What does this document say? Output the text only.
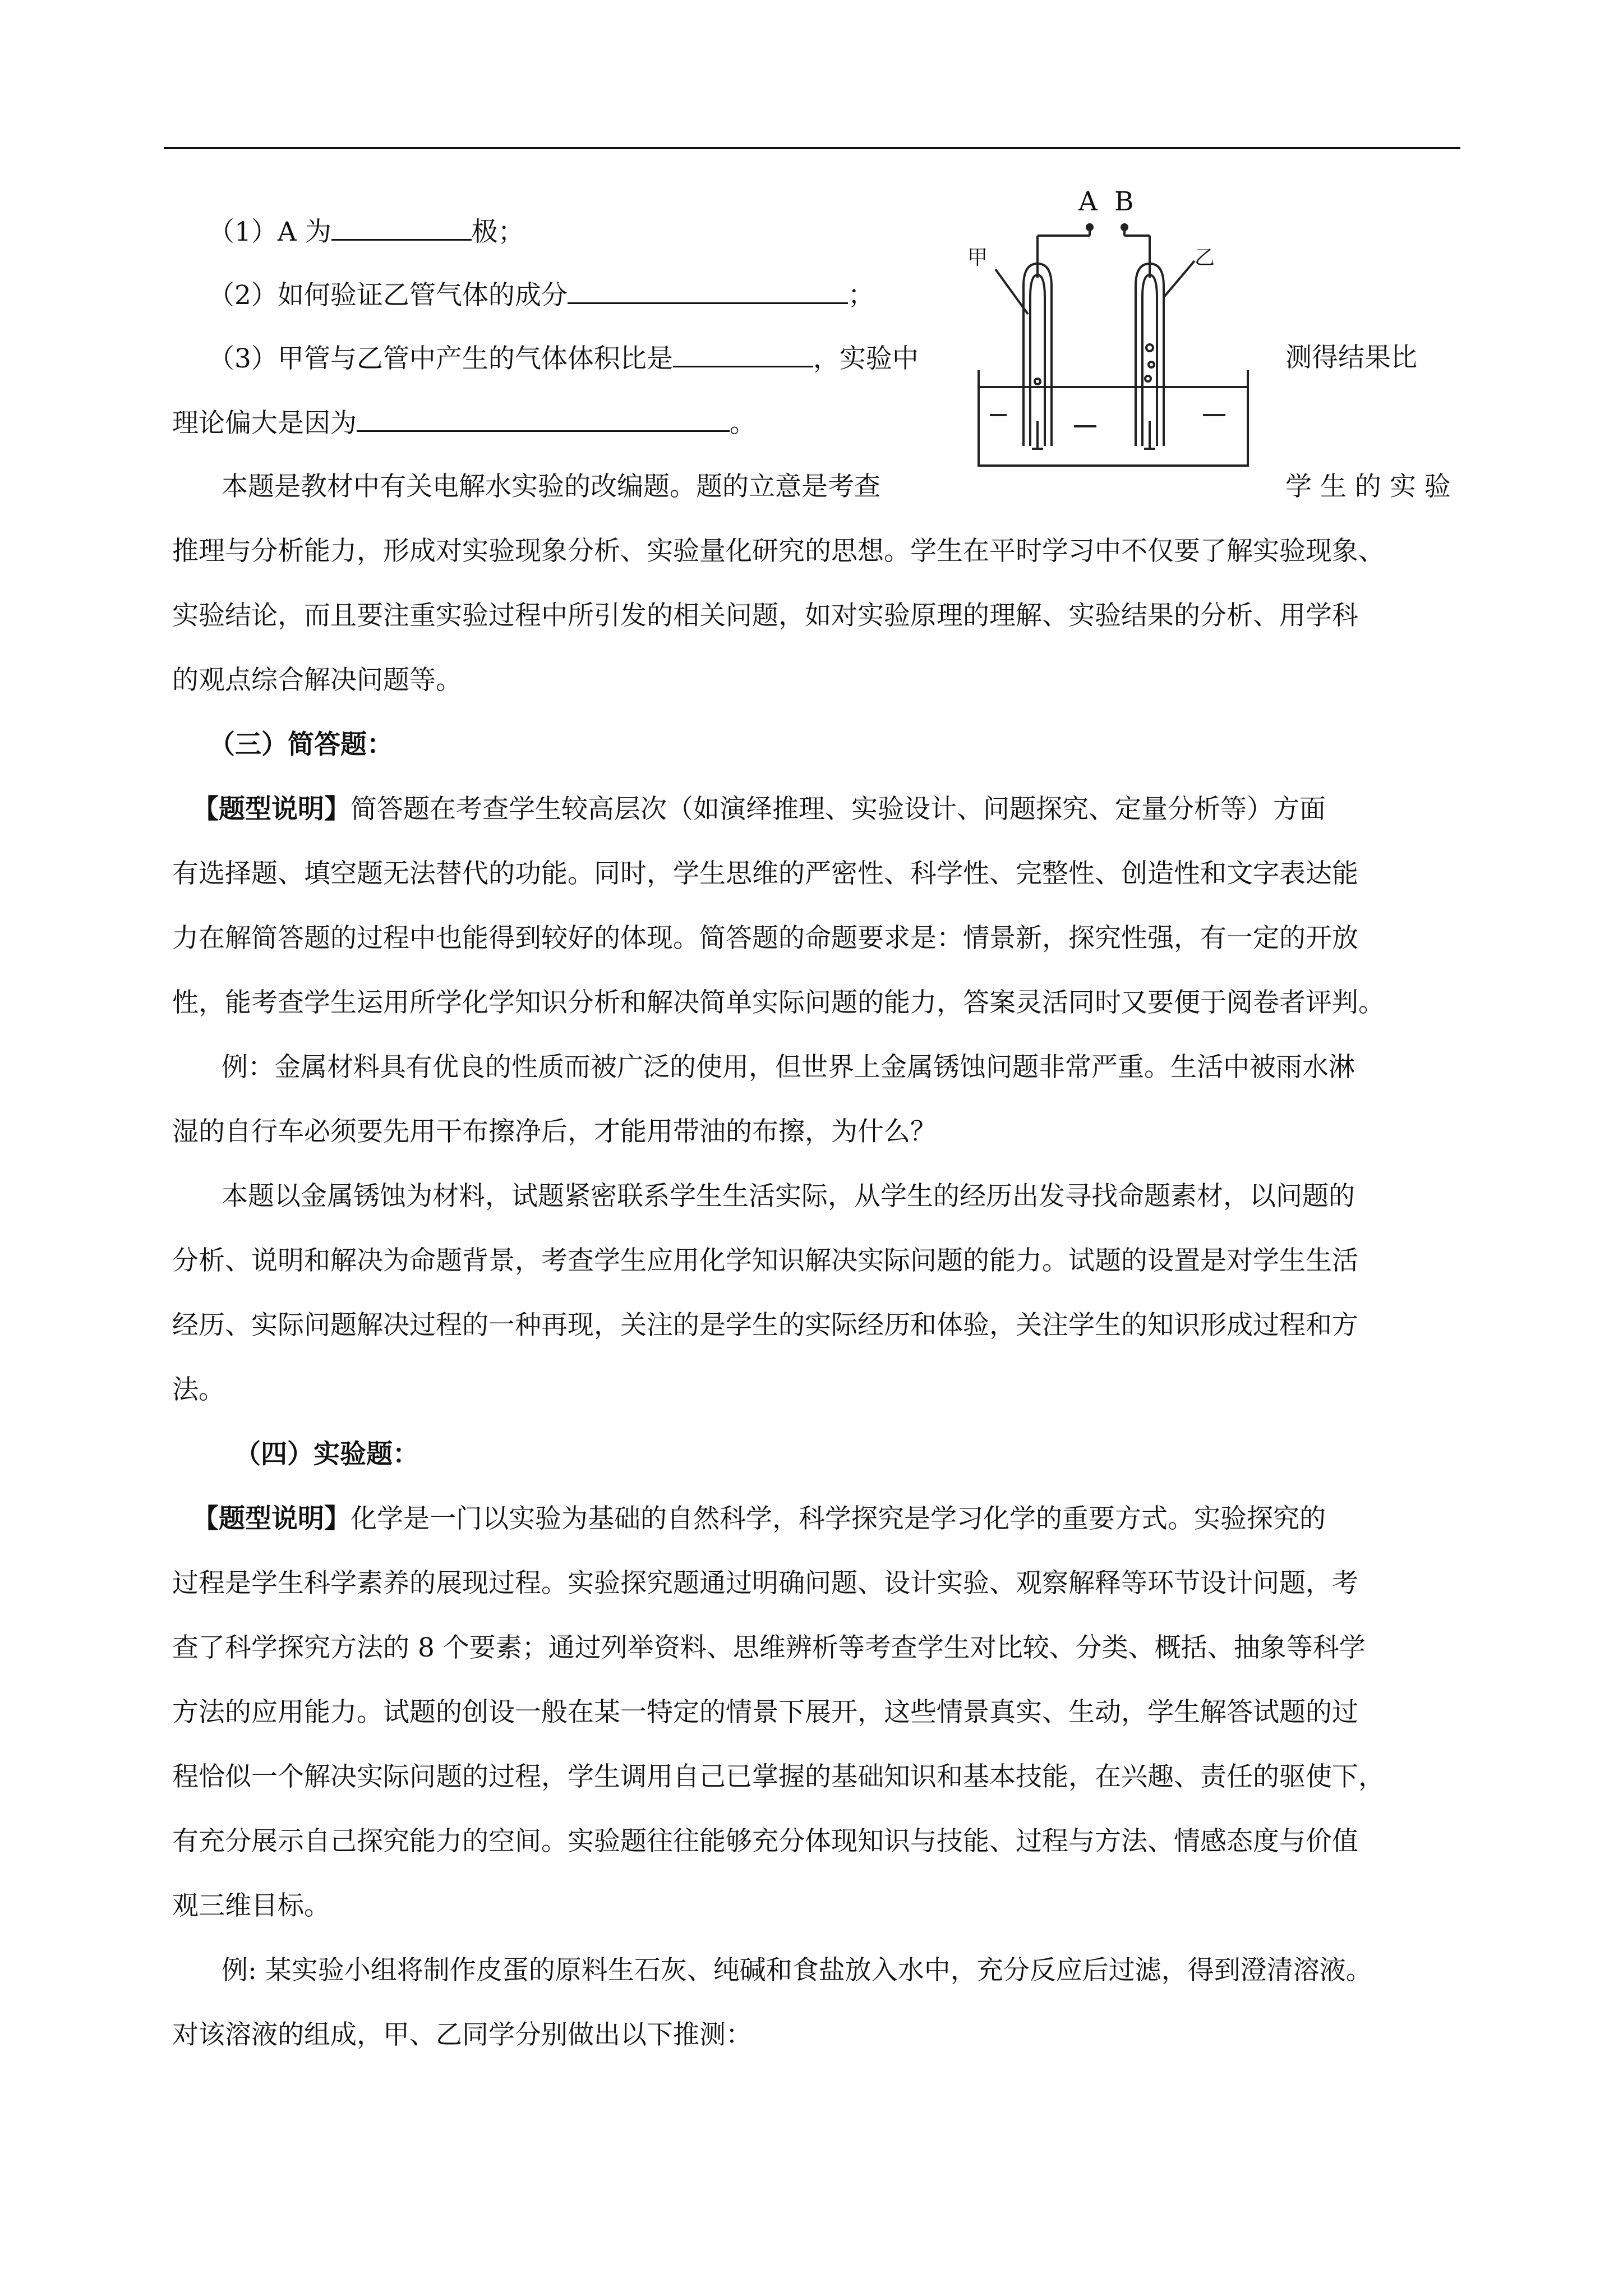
（1）A 为	极；
（2）如何验证乙管气体的成分	；
（3）甲管与乙管中产生的气体体积比是	，实验中	测得结果比
理论偏大是因为	。
A B
甲	乙
本题是教材中有关电解水实验的改编题。题的立意是考查	学 生 的 实 验
推理与分析能力，形成对实验现象分析、实验量化研究的思想。学生在平时学习中不仅要了解实验现象、
实验结论，而且要注重实验过程中所引发的相关问题，如对实验原理的理解、实验结果的分析、用学科
的观点综合解决问题等。
（三）简答题：
【题型说明】简答题在考查学生较高层次（如演绎推理、实验设计、问题探究、定量分析等）方面
有选择题、填空题无法替代的功能。同时，学生思维的严密性、科学性、完整性、创造性和文字表达能
力在解简答题的过程中也能得到较好的体现。简答题的命题要求是：情景新，探究性强，有一定的开放
性，能考查学生运用所学化学知识分析和解决简单实际问题的能力，答案灵活同时又要便于阅卷者评判。
例：金属材料具有优良的性质而被广泛的使用，但世界上金属锈蚀问题非常严重。生活中被雨水淋
湿的自行车必须要先用干布擦净后，才能用带油的布擦，为什么？
本题以金属锈蚀为材料，试题紧密联系学生生活实际，从学生的经历出发寻找命题素材，以问题的
分析、说明和解决为命题背景，考查学生应用化学知识解决实际问题的能力。试题的设置是对学生生活
经历、实际问题解决过程的一种再现，关注的是学生的实际经历和体验，关注学生的知识形成过程和方
法。
（四）实验题：
【题型说明】化学是一门以实验为基础的自然科学，科学探究是学习化学的重要方式。实验探究的
过程是学生科学素养的展现过程。实验探究题通过明确问题、设计实验、观察解释等环节设计问题，考
查了科学探究方法的 8 个要素；通过列举资料、思维辨析等考查学生对比较、分类、概括、抽象等科学
方法的应用能力。试题的创设一般在某一特定的情景下展开，这些情景真实、生动，学生解答试题的过
程恰似一个解决实际问题的过程，学生调用自己已掌握的基础知识和基本技能，在兴趣、责任的驱使下，
有充分展示自己探究能力的空间。实验题往往能够充分体现知识与技能、过程与方法、情感态度与价值
观三维目标。
例: 某实验小组将制作皮蛋的原料生石灰、纯碱和食盐放入水中，充分反应后过滤，得到澄清溶液。
对该溶液的组成，甲、乙同学分别做出以下推测：
